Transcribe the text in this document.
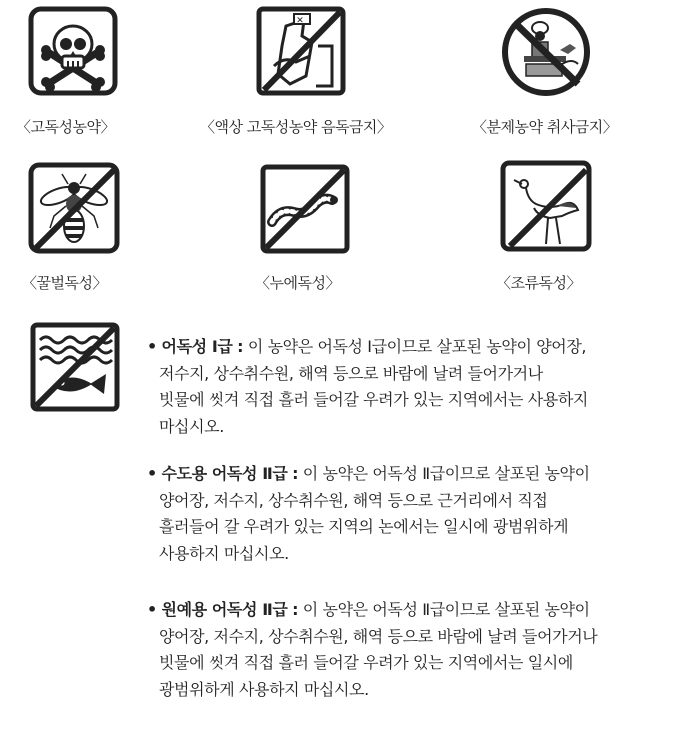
✕
〈고독성농약〉	〈액상 고독성농약 음독금지〉	〈분제농약 취사금지〉
〈꿀벌독성〉	〈누에독성〉	〈조류독성〉
• 어독성 Ⅰ급 : 이 농약은 어독성 Ⅰ급이므로 살포된 농약이 양어장,
저수지, 상수취수원, 해역 등으로 바람에 날려 들어가거나
빗물에 씻겨 직접 흘러 들어갈 우려가 있는 지역에서는 사용하지
마십시오.
• 수도용 어독성 Ⅱ급 : 이 농약은 어독성 Ⅱ급이므로 살포된 농약이
양어장, 저수지, 상수취수원, 해역 등으로 근거리에서 직접
흘러들어 갈 우려가 있는 지역의 논에서는 일시에 광범위하게
사용하지 마십시오.
• 원예용 어독성 Ⅱ급 : 이 농약은 어독성 Ⅱ급이므로 살포된 농약이
양어장, 저수지, 상수취수원, 해역 등으로 바람에 날려 들어가거나
빗물에 씻겨 직접 흘러 들어갈 우려가 있는 지역에서는 일시에
광범위하게 사용하지 마십시오.
